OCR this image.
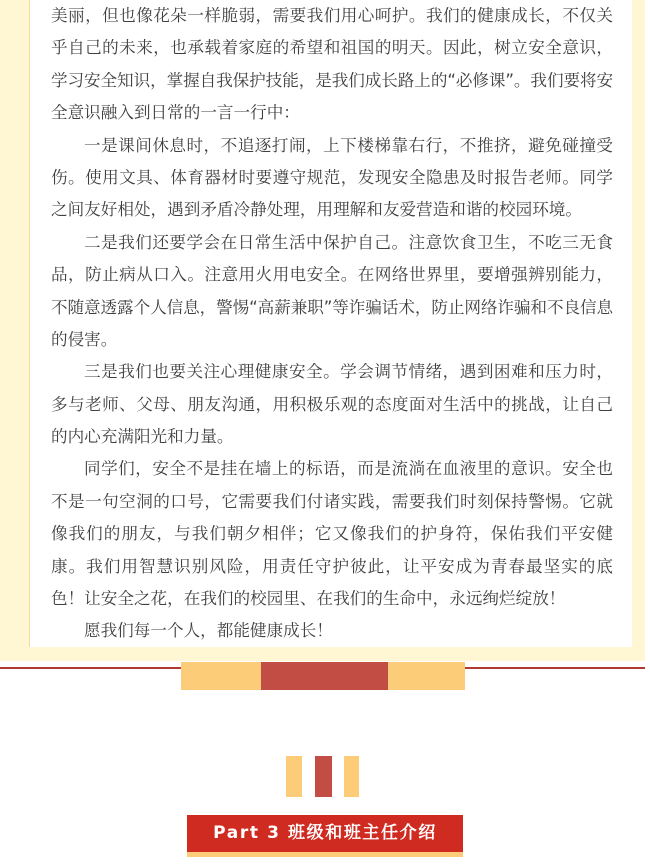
美丽，但也像花朵一样脆弱，需要我们用心呵护。我们的健康成长，不仅关
乎自己的未来，也承载着家庭的希望和祖国的明天。因此，树立安全意识，
学习安全知识，掌握自我保护技能，是我们成长路上的“必修课”。我们要将安
全意识融入到日常的一言一行中：
一是课间休息时，不追逐打闹，上下楼梯靠右行，不推挤，避免碰撞受
伤。使用文具、体育器材时要遵守规范，发现安全隐患及时报告老师。同学
之间友好相处，遇到矛盾冷静处理，用理解和友爱营造和谐的校园环境。
二是我们还要学会在日常生活中保护自己。注意饮食卫生，不吃三无食
品，防止病从口入。注意用火用电安全。在网络世界里，要增强辨别能力，
不随意透露个人信息，警惕“高薪兼职”等诈骗话术，防止网络诈骗和不良信息
的侵害。
三是我们也要关注心理健康安全。学会调节情绪，遇到困难和压力时，
多与老师、父母、朋友沟通，用积极乐观的态度面对生活中的挑战，让自己
的内心充满阳光和力量。
同学们，安全不是挂在墙上的标语，而是流淌在血液里的意识。安全也
不是一句空洞的口号，它需要我们付诸实践，需要我们时刻保持警惕。它就
像我们的朋友，与我们朝夕相伴；它又像我们的护身符，保佑我们平安健
康。我们用智慧识别风险，用责任守护彼此，让平安成为青春最坚实的底
色！让安全之花，在我们的校园里、在我们的生命中，永远绚烂绽放！
愿我们每一个人，都能健康成长！
Part 3 班级和班主任介绍
